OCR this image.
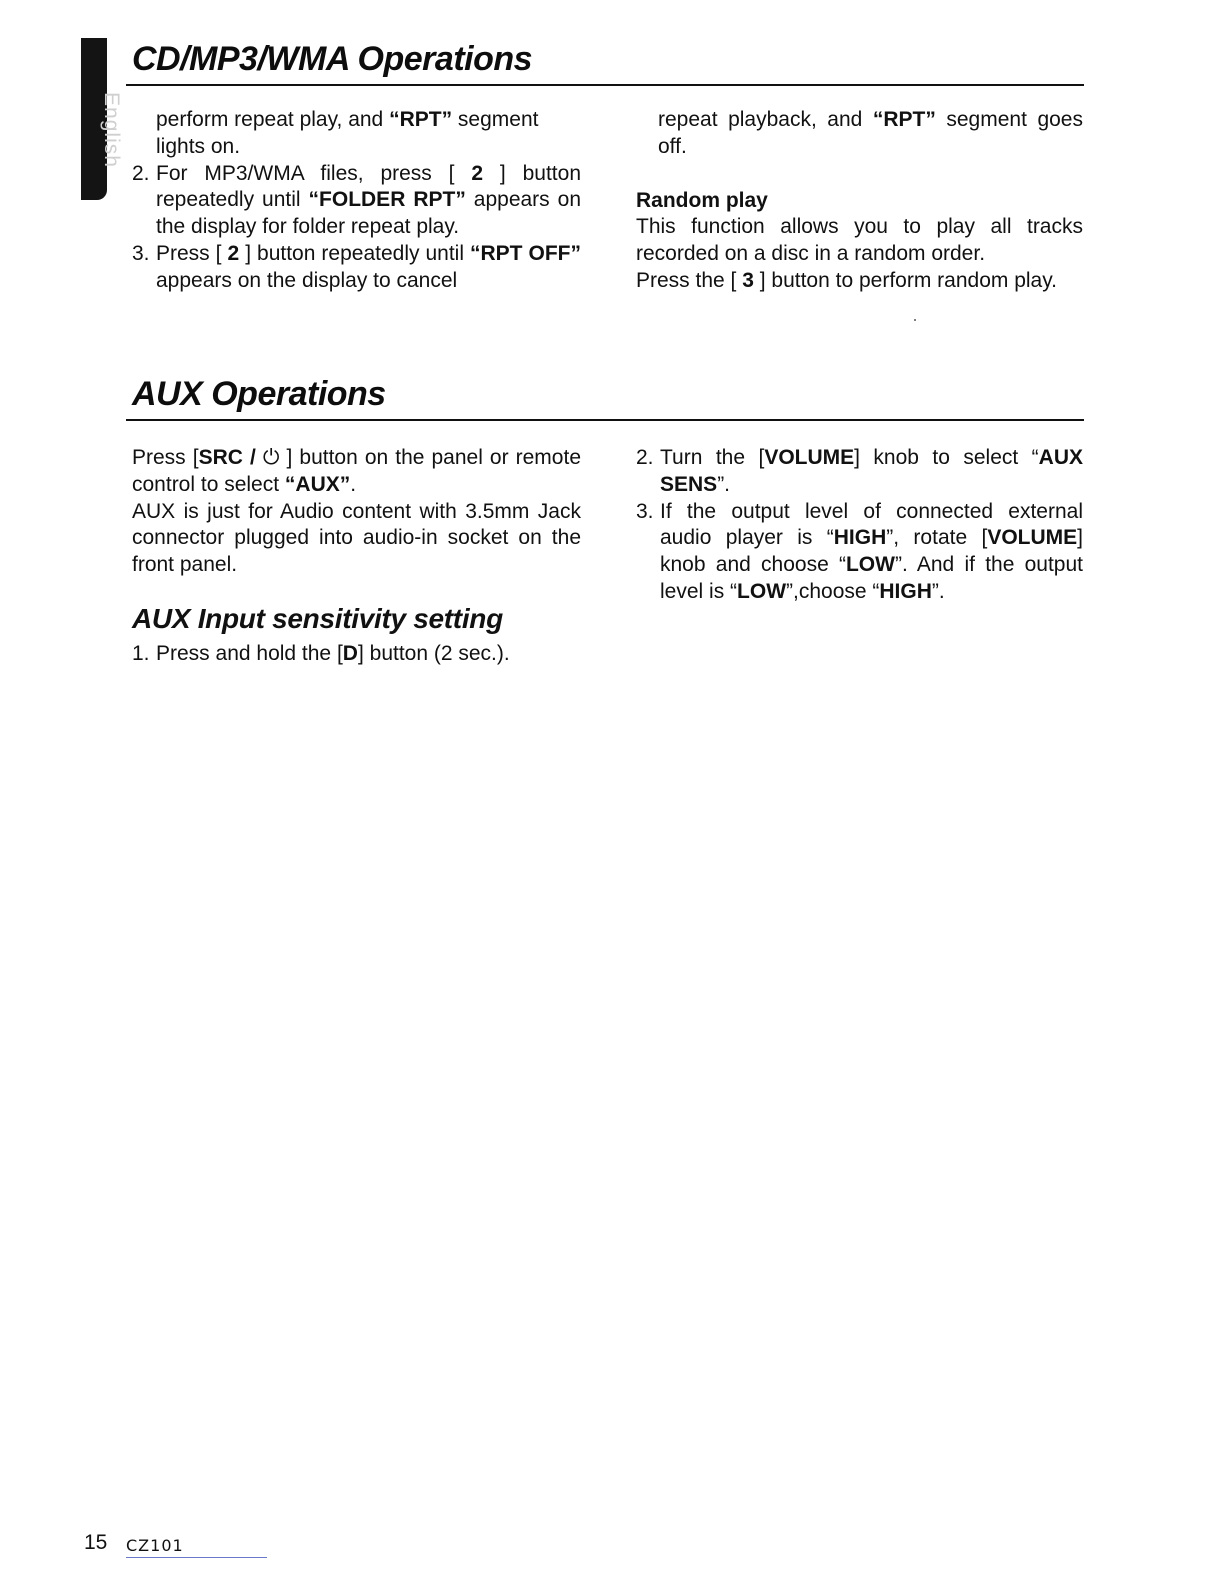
English
CD/MP3/WMA Operations

perform repeat play, and “RPT” segment
lights on.

2. For MP3/WMA files, press [ 2 ] button repeatedly until “FOLDER RPT” appears on the display for folder repeat play.
3. Press [ 2 ] button repeatedly until “RPT OFF” appears on the display to cancel

repeat playback, and “RPT” segment goes off.

Random play

This function allows you to play all tracks recorded on a disc in a random order.

Press the [ 3 ] button to perform random play.

AUX Operations

Press [SRC / ⏻ ] button on the panel or remote control to select “AUX”.

AUX is just for Audio content with 3.5mm Jack connector plugged into audio-in socket on the front panel.

AUX Input sensitivity setting
1. Press and hold the [D] button (2 sec.).
2. Turn the [VOLUME] knob to select “AUX SENS”.
3. If the output level of connected external audio player is “HIGH”, rotate [VOLUME] knob and choose “LOW”. And if the output level is “LOW”,choose “HIGH”.
15 CZ101
